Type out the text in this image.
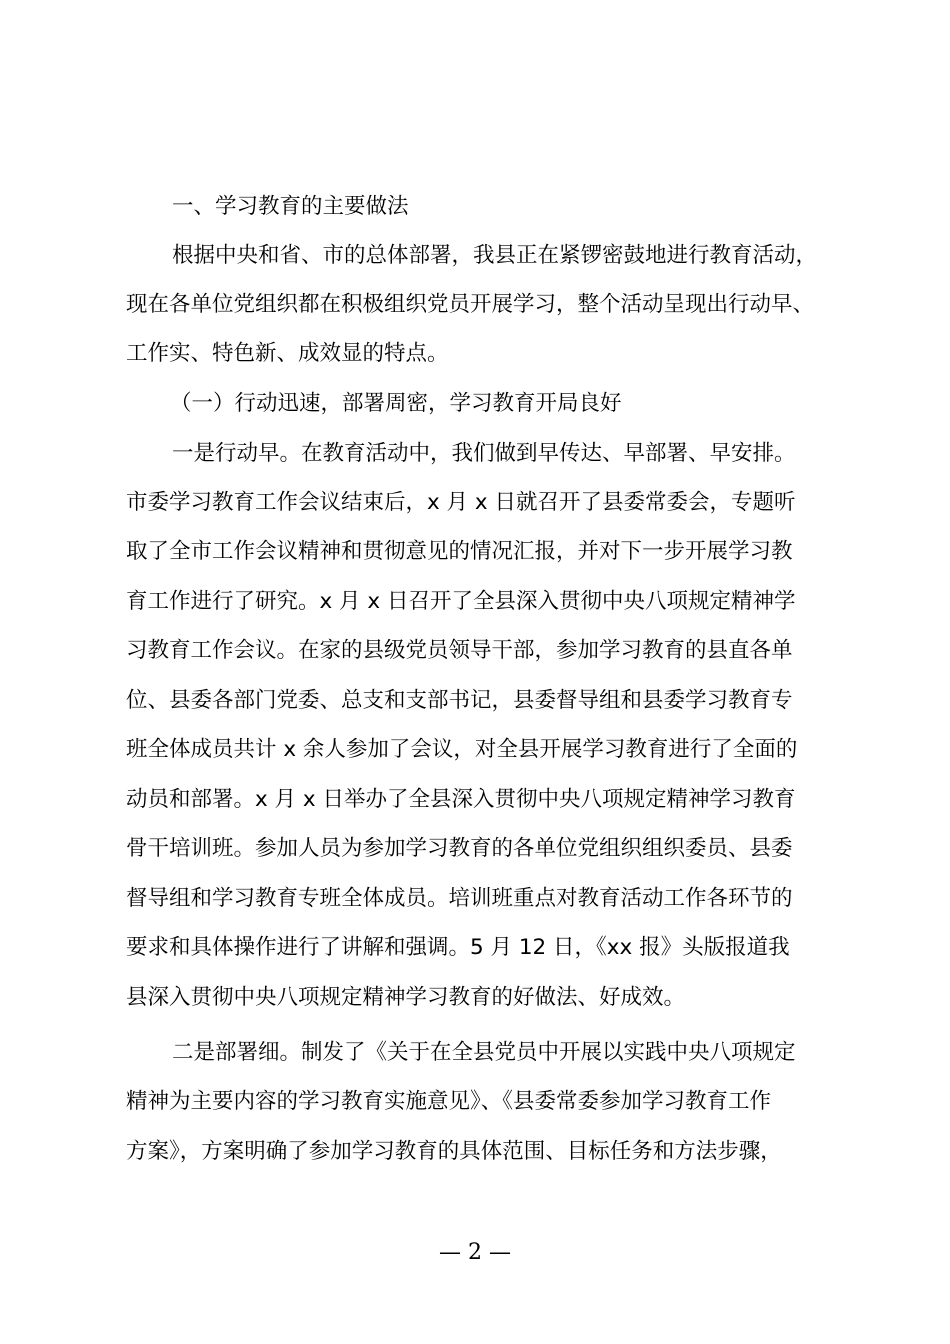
一、学习教育的主要做法
根据中央和省、市的总体部署，我县正在紧锣密鼓地进行教育活动，
现在各单位党组织都在积极组织党员开展学习，整个活动呈现出行动早、
工作实、特色新、成效显的特点。
（一）行动迅速，部署周密，学习教育开局良好
一是行动早。在教育活动中，我们做到早传达、早部署、早安排。
市委学习教育工作会议结束后，x 月 x 日就召开了县委常委会，专题听
取了全市工作会议精神和贯彻意见的情况汇报，并对下一步开展学习教
育工作进行了研究。x 月 x 日召开了全县深入贯彻中央八项规定精神学
习教育工作会议。在家的县级党员领导干部，参加学习教育的县直各单
位、县委各部门党委、总支和支部书记，县委督导组和县委学习教育专
班全体成员共计 x 余人参加了会议，对全县开展学习教育进行了全面的
动员和部署。x 月 x 日举办了全县深入贯彻中央八项规定精神学习教育
骨干培训班。参加人员为参加学习教育的各单位党组织组织委员、县委
督导组和学习教育专班全体成员。培训班重点对教育活动工作各环节的
要求和具体操作进行了讲解和强调。5 月 12 日，《xx 报》头版报道我
县深入贯彻中央八项规定精神学习教育的好做法、好成效。
二是部署细。制发了《关于在全县党员中开展以实践中央八项规定
精神为主要内容的学习教育实施意见》、《县委常委参加学习教育工作
方案》，方案明确了参加学习教育的具体范围、目标任务和方法步骤，
— 2 —
